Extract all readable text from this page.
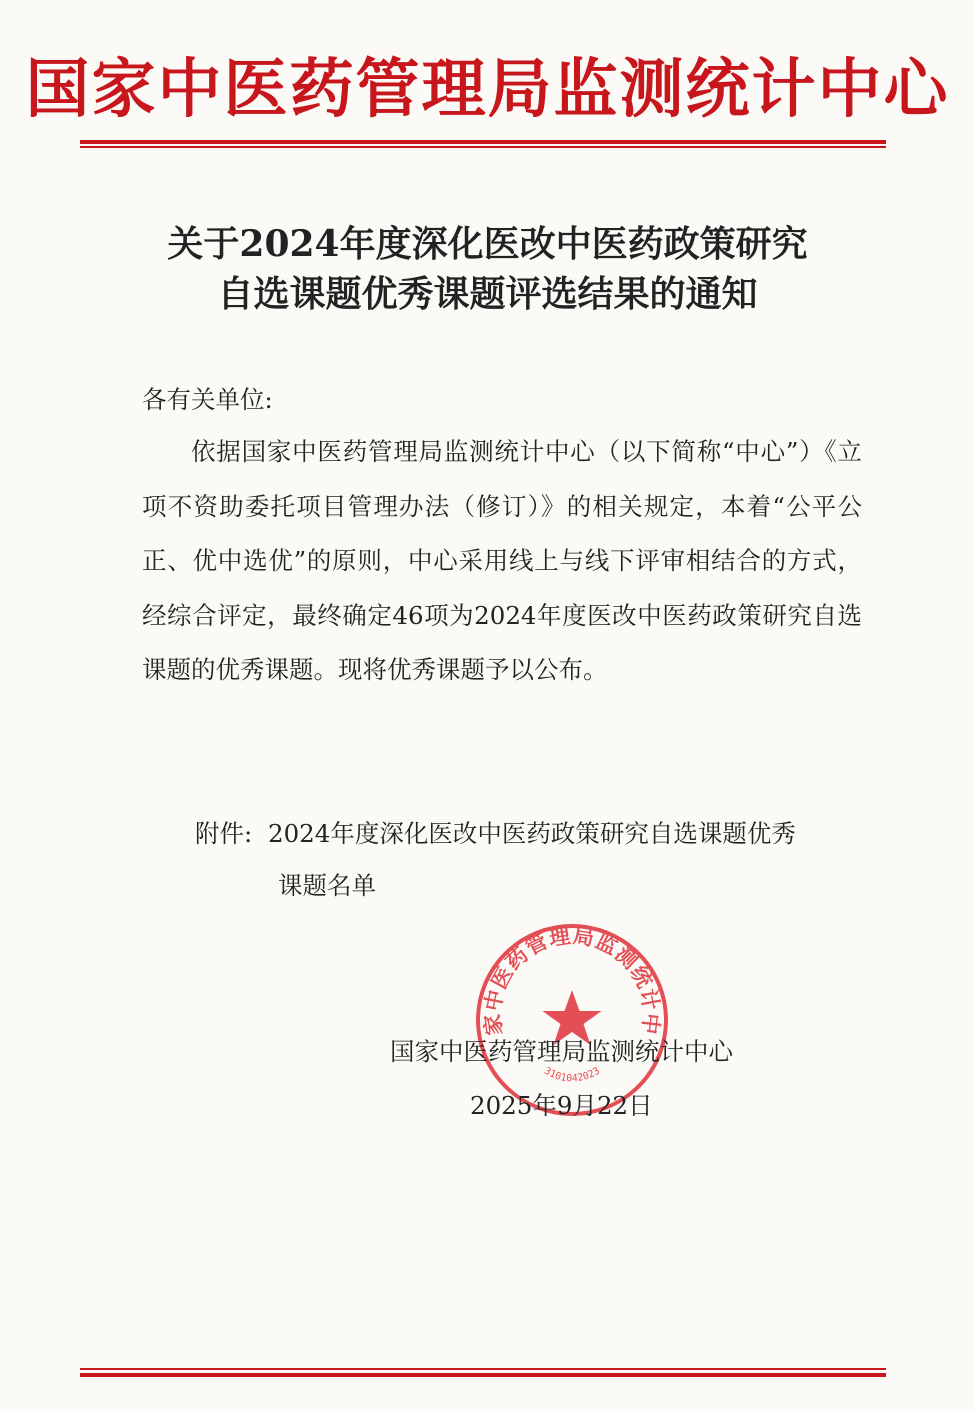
国家中医药管理局监测统计中心
关于2024年度深化医改中医药政策研究
自选课题优秀课题评选结果的通知
各有关单位:
依据国家中医药管理局监测统计中心（以下简称“中心”）《立项不资助委托项目管理办法（修订）》的相关规定，本着“公平公正、优中选优”的原则，中心采用线上与线下评审相结合的方式，经综合评定，最终确定46项为2024年度医改中医药政策研究自选课题的优秀课题。现将优秀课题予以公布。
附件: 2024年度深化医改中医药政策研究自选课题优秀
课题名单
家中医药管理局监测统计中
3101042023
国家中医药管理局监测统计中心
2025年9月22日
